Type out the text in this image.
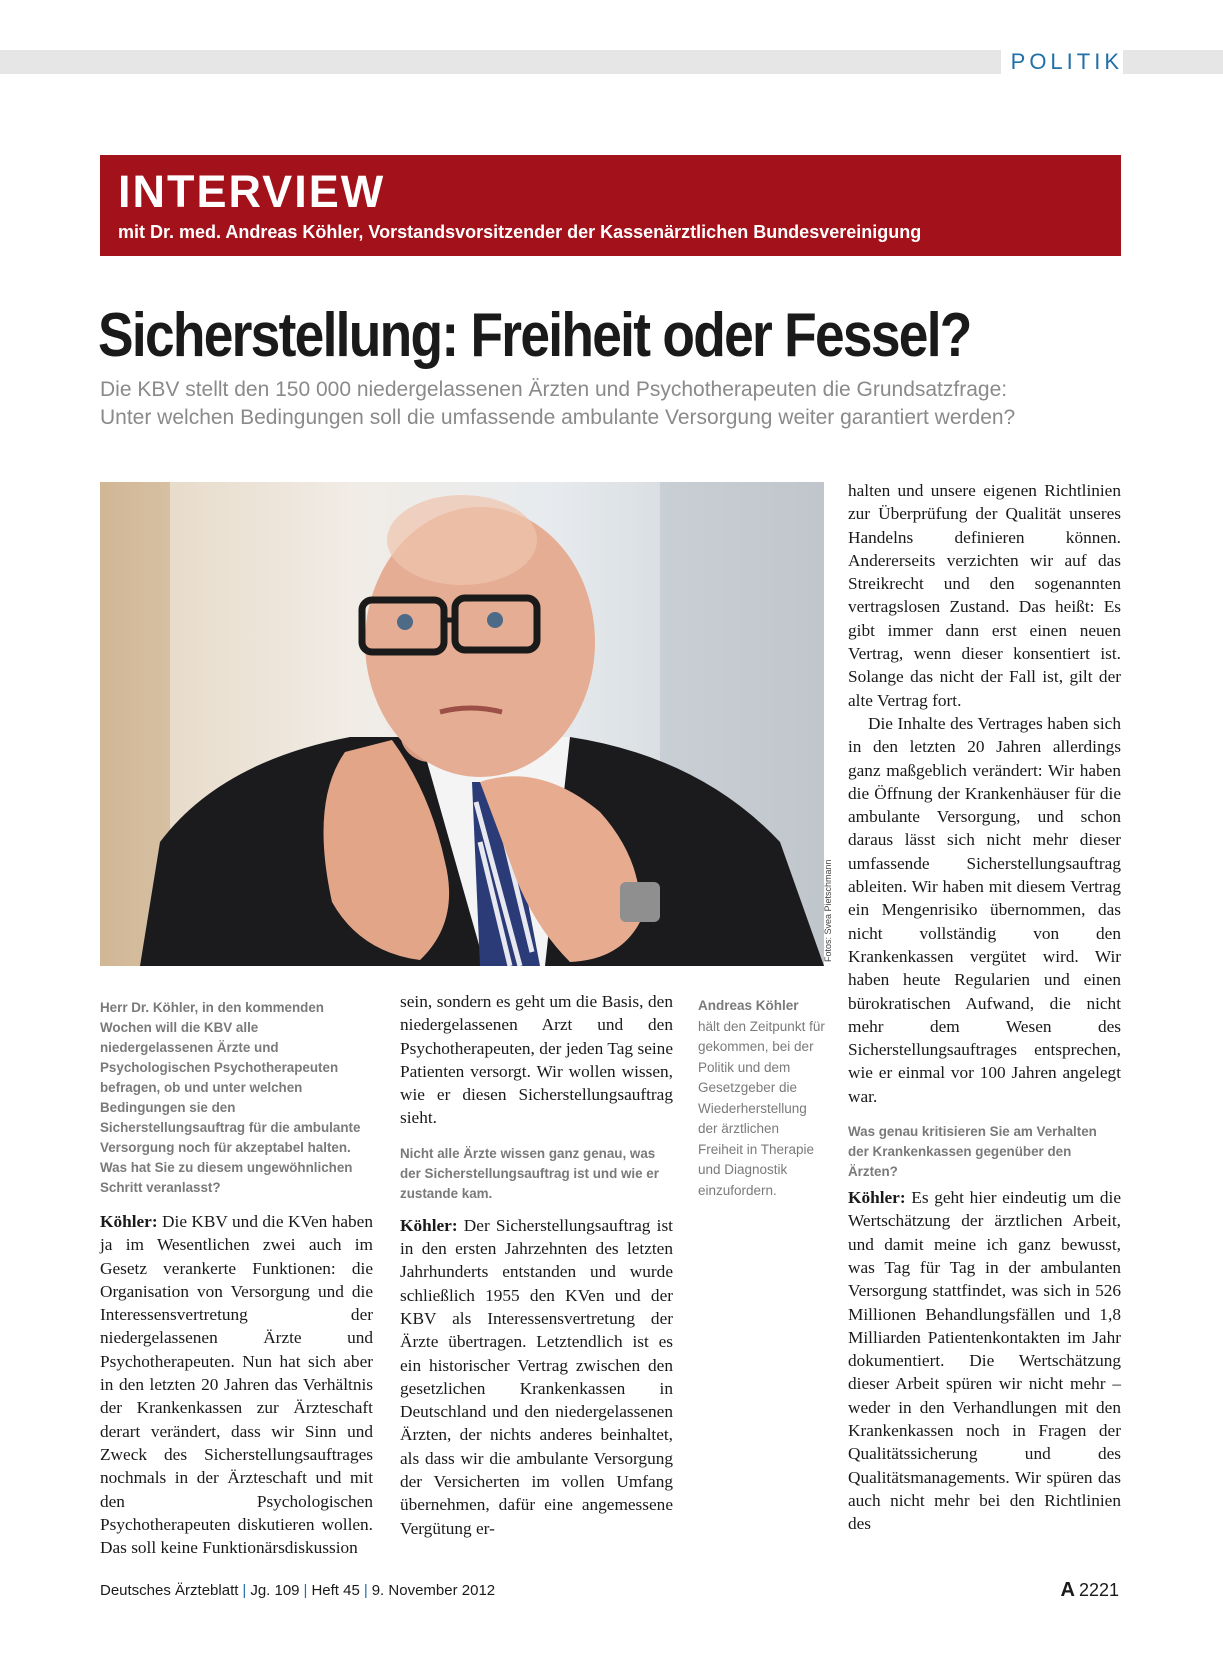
POLITIK
INTERVIEW
mit Dr. med. Andreas Köhler, Vorstandsvorsitzender der Kassenärztlichen Bundesvereinigung
Sicherstellung: Freiheit oder Fessel?

Die KBV stellt den 150 000 niedergelassenen Ärzten und Psychotherapeuten die Grundsatzfrage:

Unter welchen Bedingungen soll die umfassende ambulante Versorgung weiter garantiert werden?

Fotos: Svea Pietschmann

Herr Dr. Köhler, in den kommenden Wochen will die KBV alle niedergelassenen Ärzte und Psychologischen Psychotherapeuten befragen, ob und unter welchen Bedingungen sie den Sicherstellungsauftrag für die ambulante Versorgung noch für akzeptabel halten. Was hat Sie zu diesem ungewöhnlichen Schritt veranlasst?

Köhler: Die KBV und die KVen haben ja im Wesentlichen zwei auch im Gesetz verankerte Funktionen: die Organisation von Versorgung und die Interessensvertretung der niedergelassenen Ärzte und Psychotherapeuten. Nun hat sich aber in den letzten 20 Jahren das Verhältnis der Krankenkassen zur Ärzteschaft derart verändert, dass wir Sinn und Zweck des Sicherstellungsauftrages nochmals in der Ärzteschaft und mit den Psychologischen Psychotherapeuten diskutieren wollen. Das soll keine Funktionärsdiskussion

sein, sondern es geht um die Basis, den niedergelassenen Arzt und den Psychotherapeuten, der jeden Tag seine Patienten versorgt. Wir wollen wissen, wie er diesen Sicherstellungsauftrag sieht.

Nicht alle Ärzte wissen ganz genau, was der Sicherstellungsauftrag ist und wie er zustande kam.

Köhler: Der Sicherstellungsauftrag ist in den ersten Jahrzehnten des letzten Jahrhunderts entstanden und wurde schließlich 1955 den KVen und der KBV als Interessensvertretung der Ärzte übertragen. Letztendlich ist es ein historischer Vertrag zwischen den gesetzlichen Krankenkassen in Deutschland und den niedergelassenen Ärzten, der nichts anderes beinhaltet, als dass wir die ambulante Versorgung der Versicherten im vollen Umfang übernehmen, dafür eine angemessene Vergütung er-

Andreas Köhler
hält den Zeitpunkt für gekommen, bei der Politik und dem Gesetzgeber die Wiederherstellung der ärztlichen Freiheit in Therapie und Diagnostik einzufordern.

halten und unsere eigenen Richtlinien zur Überprüfung der Qualität unseres Handelns definieren können. Andererseits verzichten wir auf das Streikrecht und den sogenannten vertragslosen Zustand. Das heißt: Es gibt immer dann erst einen neuen Vertrag, wenn dieser konsentiert ist. Solange das nicht der Fall ist, gilt der alte Vertrag fort.

Die Inhalte des Vertrages haben sich in den letzten 20 Jahren allerdings ganz maßgeblich verändert: Wir haben die Öffnung der Krankenhäuser für die ambulante Versorgung, und schon daraus lässt sich nicht mehr dieser umfassende Sicherstellungsauftrag ableiten. Wir haben mit diesem Vertrag ein Mengenrisiko übernommen, das nicht vollständig von den Krankenkassen vergütet wird. Wir haben heute Regularien und einen bürokratischen Aufwand, die nicht mehr dem Wesen des Sicherstellungsauftrages entsprechen, wie er einmal vor 100 Jahren angelegt war.

Was genau kritisieren Sie am Verhalten der Krankenkassen gegenüber den Ärzten?

Köhler: Es geht hier eindeutig um die Wertschätzung der ärztlichen Arbeit, und damit meine ich ganz bewusst, was Tag für Tag in der ambulanten Versorgung stattfindet, was sich in 526 Millionen Behandlungsfällen und 1,8 Milliarden Patientenkontakten im Jahr dokumentiert. Die Wertschätzung dieser Arbeit spüren wir nicht mehr – weder in den Verhandlungen mit den Krankenkassen noch in Fragen der Qualitätssicherung und des Qualitätsmanagements. Wir spüren das auch nicht mehr bei den Richtlinien des

Deutsches Ärzteblatt | Jg. 109 | Heft 45 | 9. November 2012	A 2221
